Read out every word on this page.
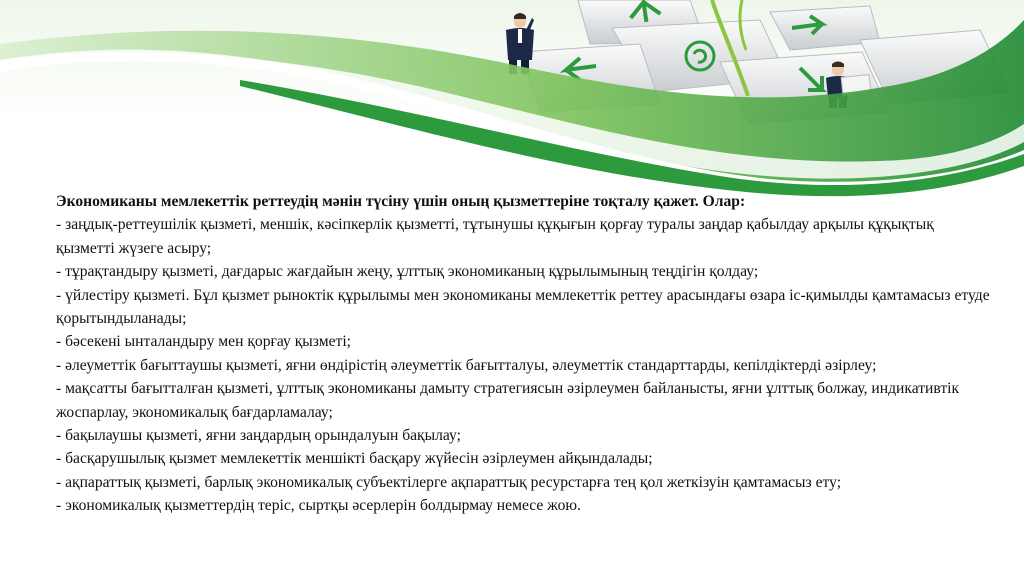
Экономиканы мемлекеттік реттеудің мәнін түсіну үшін оның қызметтеріне тоқталу қажет. Олар:

- заңдық-реттеушілік қызметі, меншік, кәсіпкерлік қызметті, тұтынушы құқығын қорғау туралы заңдар қабылдау арқылы құқықтық қызметті жүзеге асыру;

- тұрақтандыру қызметі, дағдарыс жағдайын жеңу, ұлттық экономиканың құрылымының теңдігін қолдау;

- үйлестіру қызметі. Бұл қызмет рыноктік құрылымы мен экономиканы мемлекеттік реттеу арасындағы өзара іс-қимылды қамтамасыз етуде қорытындыланады;

- бәсекені ынталандыру мен қорғау қызметі;

- әлеуметтік бағыттаушы қызметі, яғни өндірістің әлеуметтік бағытталуы, әлеуметтік стандарттарды, кепілдіктерді әзірлеу;

- мақсатты бағытталған қызметі, ұлттық экономиканы дамыту стратегиясын әзірлеумен байланысты, яғни ұлттық болжау, индикативтік жоспарлау, экономикалық бағдарламалау;

- бақылаушы қызметі, яғни заңдардың орындалуын бақылау;

- басқарушылық қызмет мемлекеттік меншікті басқару жүйесін әзірлеумен айқындалады;

- ақпараттық қызметі, барлық экономикалық субъектілерге ақпараттық ресурстарға тең қол жеткізуін қамтамасыз ету;

- экономикалық қызметтердің теріс, сыртқы әсерлерін болдырмау немесе жою.
